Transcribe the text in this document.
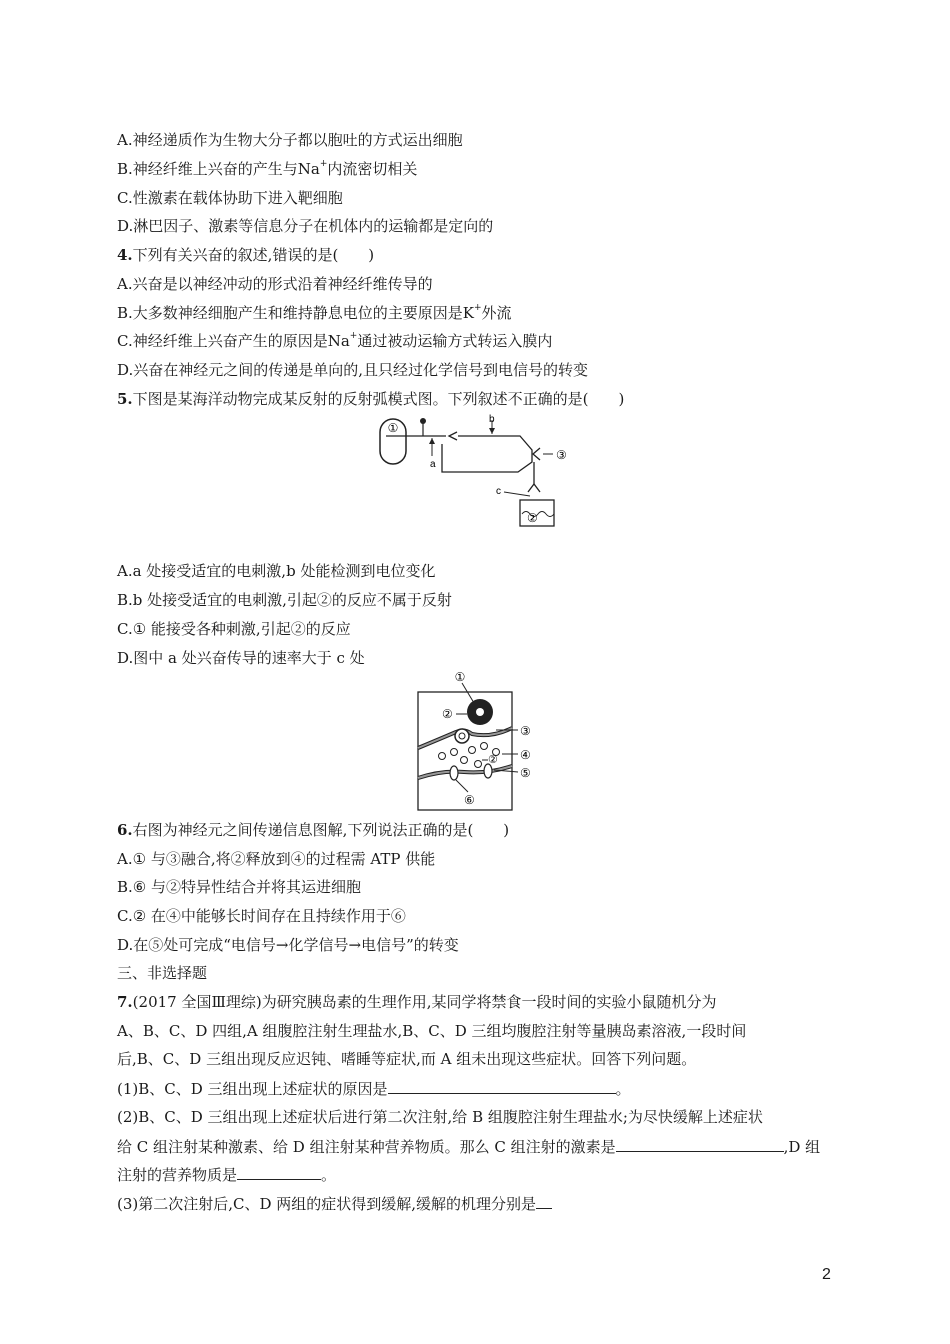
A.神经递质作为生物大分子都以胞吐的方式运出细胞
B.神经纤维上兴奋的产生与Na+内流密切相关
C.性激素在载体协助下进入靶细胞
D.淋巴因子、激素等信息分子在机体内的运输都是定向的
4.下列有关兴奋的叙述,错误的是(　　)
A.兴奋是以神经冲动的形式沿着神经纤维传导的
B.大多数神经细胞产生和维持静息电位的主要原因是K+外流
C.神经纤维上兴奋产生的原因是Na+通过被动运输方式转运入膜内
D.兴奋在神经元之间的传递是单向的,且只经过化学信号到电信号的转变
5.下图是某海洋动物完成某反射的反射弧模式图。下列叙述不正确的是(　　)
①
a
b
③
c
②
A.a 处接受适宜的电刺激,b 处能检测到电位变化
B.b 处接受适宜的电刺激,引起②的反应不属于反射
C.① 能接受各种刺激,引起②的反应
D.图中 a 处兴奋传导的速率大于 c 处
①
②
③
④
②
⑤
⑥
6.右图为神经元之间传递信息图解,下列说法正确的是(　　)
A.① 与③融合,将②释放到④的过程需 ATP 供能
B.⑥ 与②特异性结合并将其运进细胞
C.② 在④中能够长时间存在且持续作用于⑥
D.在⑤处可完成“电信号→化学信号→电信号”的转变
三、非选择题
7.(2017 全国Ⅲ理综)为研究胰岛素的生理作用,某同学将禁食一段时间的实验小鼠随机分为
A、B、C、D 四组,A 组腹腔注射生理盐水,B、C、D 三组均腹腔注射等量胰岛素溶液,一段时间
后,B、C、D 三组出现反应迟钝、嗜睡等症状,而 A 组未出现这些症状。回答下列问题。
(1)B、C、D 三组出现上述症状的原因是	。
(2)B、C、D 三组出现上述症状后进行第二次注射,给 B 组腹腔注射生理盐水;为尽快缓解上述症状
给 C 组注射某种激素、给 D 组注射某种营养物质。那么 C 组注射的激素是	,D 组
注射的营养物质是	。
(3)第二次注射后,C、D 两组的症状得到缓解,缓解的机理分别是
2
